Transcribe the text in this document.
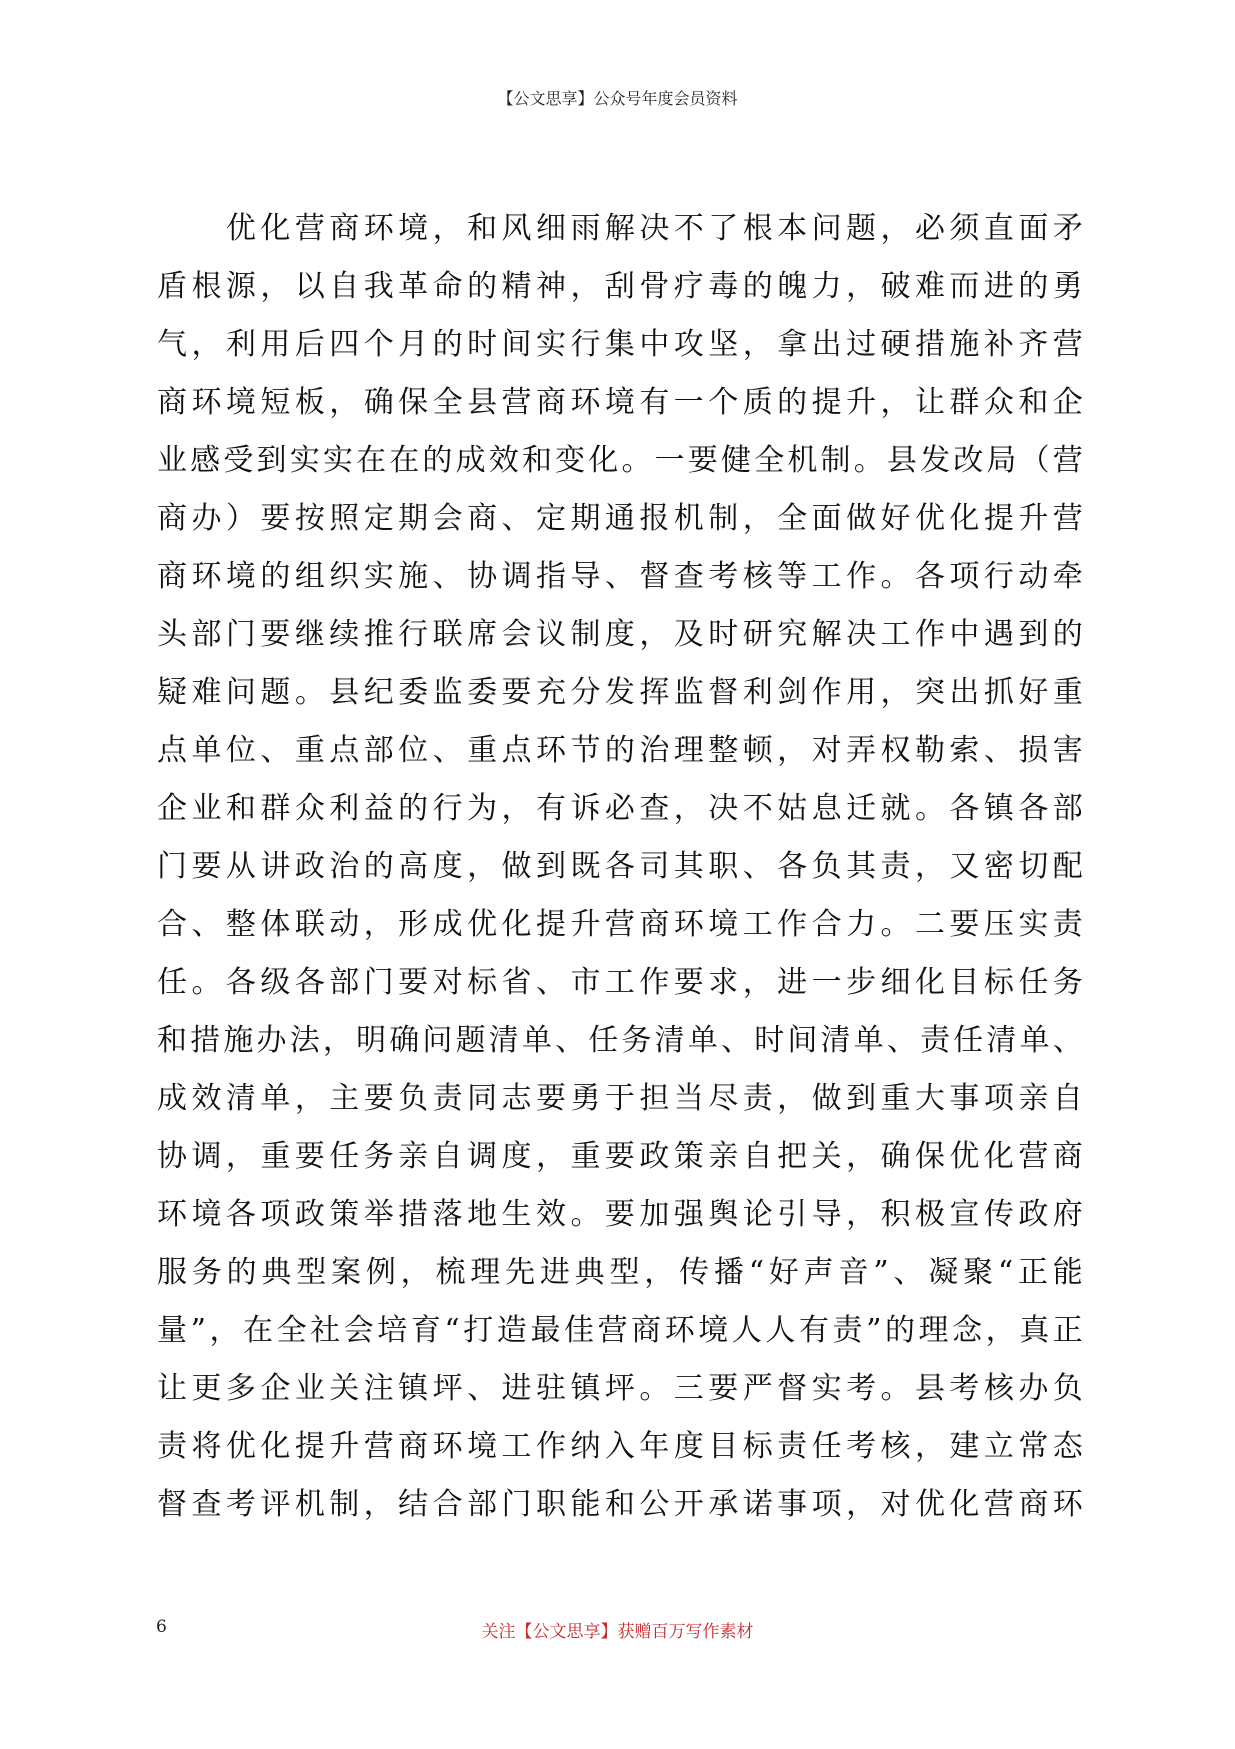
【公文思享】公众号年度会员资料
　　优化营商环境，和风细雨解决不了根本问题，必须直面矛
盾根源，以自我革命的精神，刮骨疗毒的魄力，破难而进的勇
气，利用后四个月的时间实行集中攻坚，拿出过硬措施补齐营
商环境短板，确保全县营商环境有一个质的提升，让群众和企
业感受到实实在在的成效和变化。一要健全机制。县发改局（营
商办）要按照定期会商、定期通报机制，全面做好优化提升营
商环境的组织实施、协调指导、督查考核等工作。各项行动牵
头部门要继续推行联席会议制度，及时研究解决工作中遇到的
疑难问题。县纪委监委要充分发挥监督利剑作用，突出抓好重
点单位、重点部位、重点环节的治理整顿，对弄权勒索、损害
企业和群众利益的行为，有诉必查，决不姑息迁就。各镇各部
门要从讲政治的高度，做到既各司其职、各负其责，又密切配
合、整体联动，形成优化提升营商环境工作合力。二要压实责
任。各级各部门要对标省、市工作要求，进一步细化目标任务
和措施办法，明确问题清单、任务清单、时间清单、责任清单、
成效清单，主要负责同志要勇于担当尽责，做到重大事项亲自
协调，重要任务亲自调度，重要政策亲自把关，确保优化营商
环境各项政策举措落地生效。要加强舆论引导，积极宣传政府
服务的典型案例，梳理先进典型，传播“好声音”、凝聚“正能
量”，在全社会培育“打造最佳营商环境人人有责”的理念，真正
让更多企业关注镇坪、进驻镇坪。三要严督实考。县考核办负
责将优化提升营商环境工作纳入年度目标责任考核，建立常态
督查考评机制，结合部门职能和公开承诺事项，对优化营商环
6	关注【公文思享】获赠百万写作素材
